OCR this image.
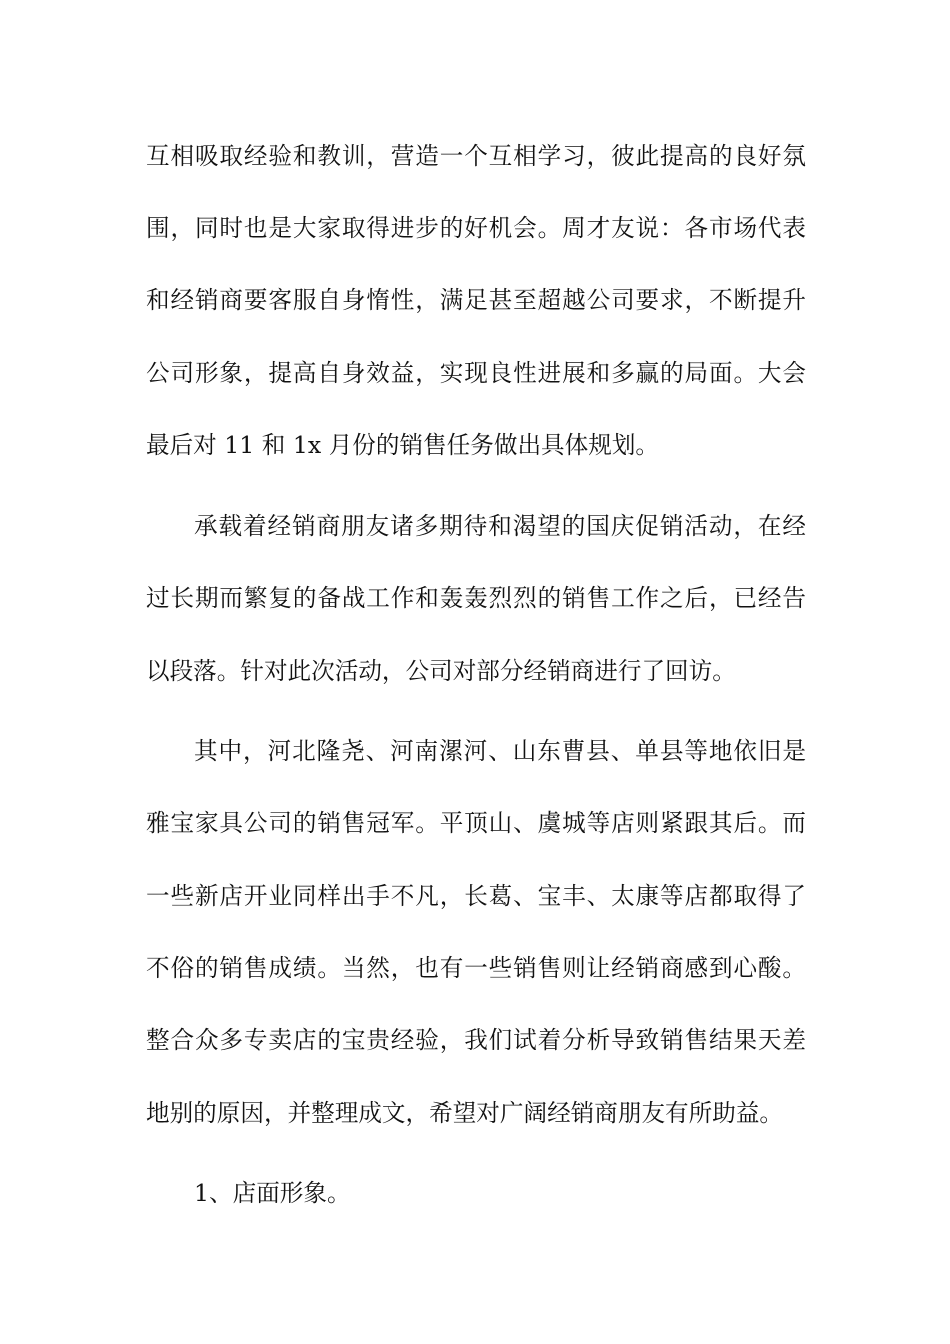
互相吸取经验和教训，营造一个互相学习，彼此提高的良好氛
围，同时也是大家取得进步的好机会。周才友说：各市场代表
和经销商要客服自身惰性，满足甚至超越公司要求，不断提升
公司形象，提高自身效益，实现良性进展和多赢的局面。大会
最后对 11 和 1x 月份的销售任务做出具体规划。
承载着经销商朋友诸多期待和渴望的国庆促销活动，在经
过长期而繁复的备战工作和轰轰烈烈的销售工作之后，已经告
以段落。针对此次活动，公司对部分经销商进行了回访。
其中，河北隆尧、河南漯河、山东曹县、单县等地依旧是
雅宝家具公司的销售冠军。平顶山、虞城等店则紧跟其后。而
一些新店开业同样出手不凡，长葛、宝丰、太康等店都取得了
不俗的销售成绩。当然，也有一些销售则让经销商感到心酸。
整合众多专卖店的宝贵经验，我们试着分析导致销售结果天差
地别的原因，并整理成文，希望对广阔经销商朋友有所助益。
1、店面形象。
